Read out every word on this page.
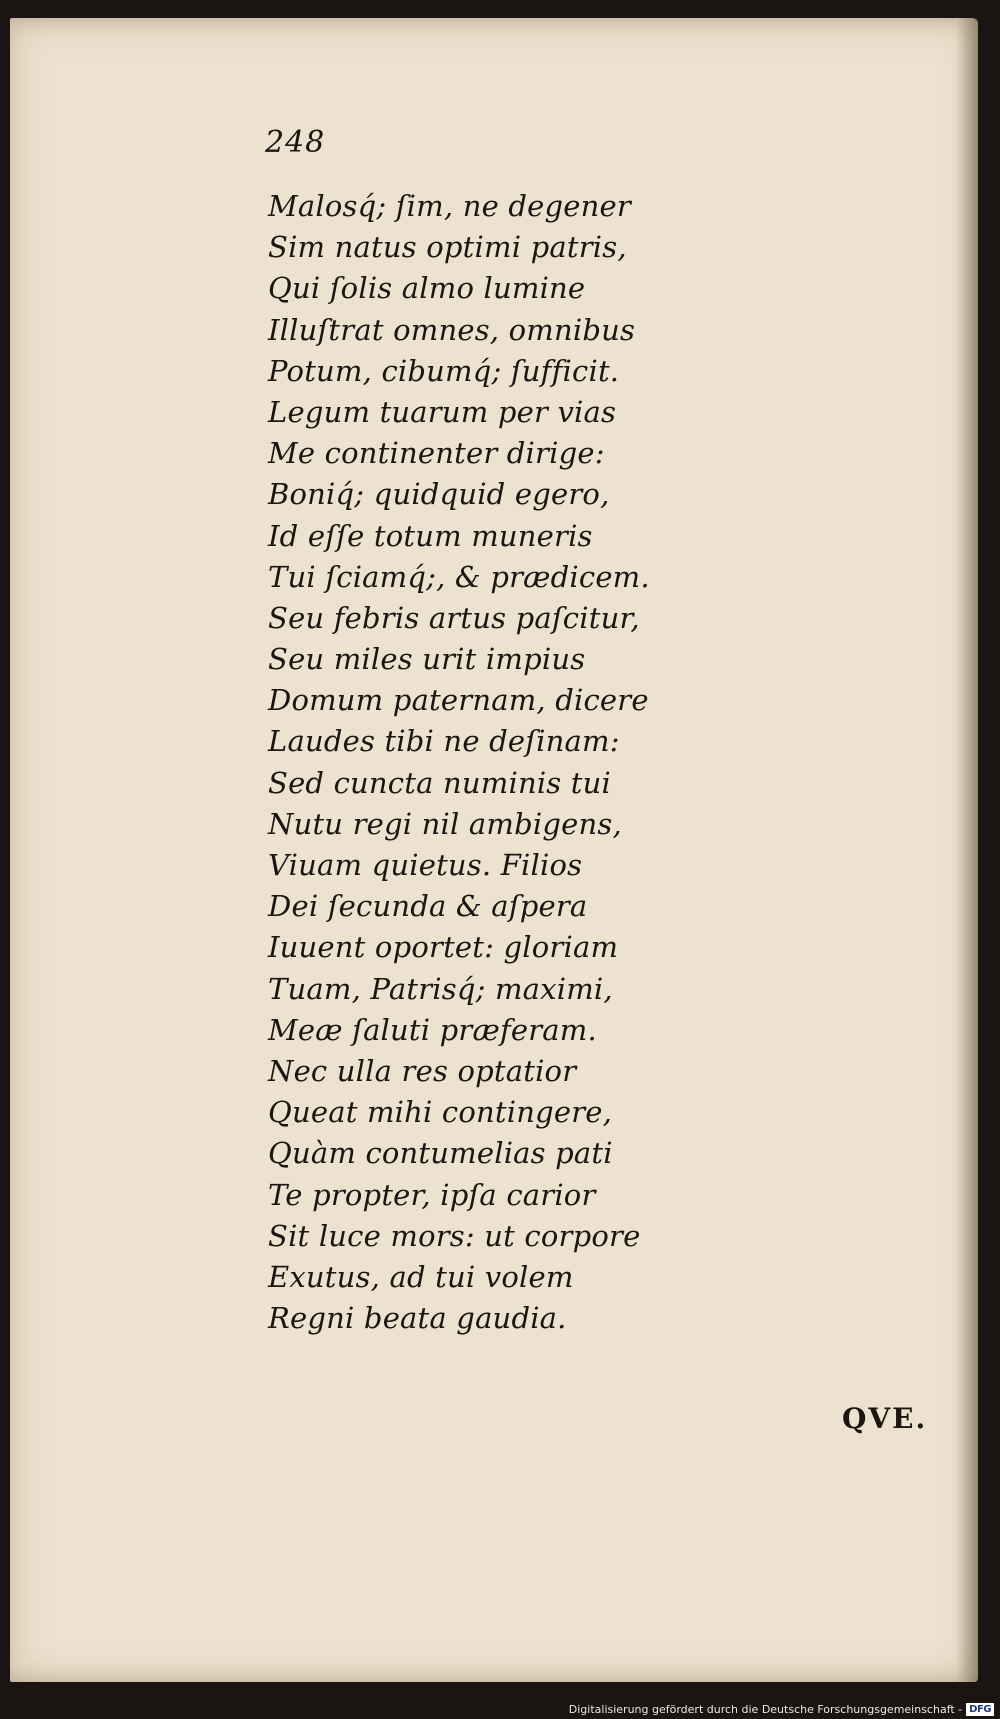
248
Malosq́; ſim, ne degener
Sim natus optimi patris,
Qui ſolis almo lumine
Illuſtrat omnes, omnibus
Potum, cibumq́; ſufficit.
Legum tuarum per vias
Me continenter dirige:
Boniq́; quidquid egero,
Id eſſe totum muneris
Tui ſciamq́;, & prædicem.
Seu febris artus paſcitur,
Seu miles urit impius
Domum paternam, dicere
Laudes tibi ne deſinam:
Sed cuncta numinis tui
Nutu regi nil ambigens,
Viuam quietus. Filios
Dei ſecunda & aſpera
Iuuent oportet: gloriam
Tuam, Patrisq́; maximi,
Meæ ſaluti præferam.
Nec ulla res optatior
Queat mihi contingere,
Quàm contumelias pati
Te propter, ipſa carior
Sit luce mors: ut corpore
Exutus, ad tui volem
Regni beata gaudia.
QVE.
Digitalisierung gefördert durch die Deutsche Forschungsgemeinschaft - DFG
